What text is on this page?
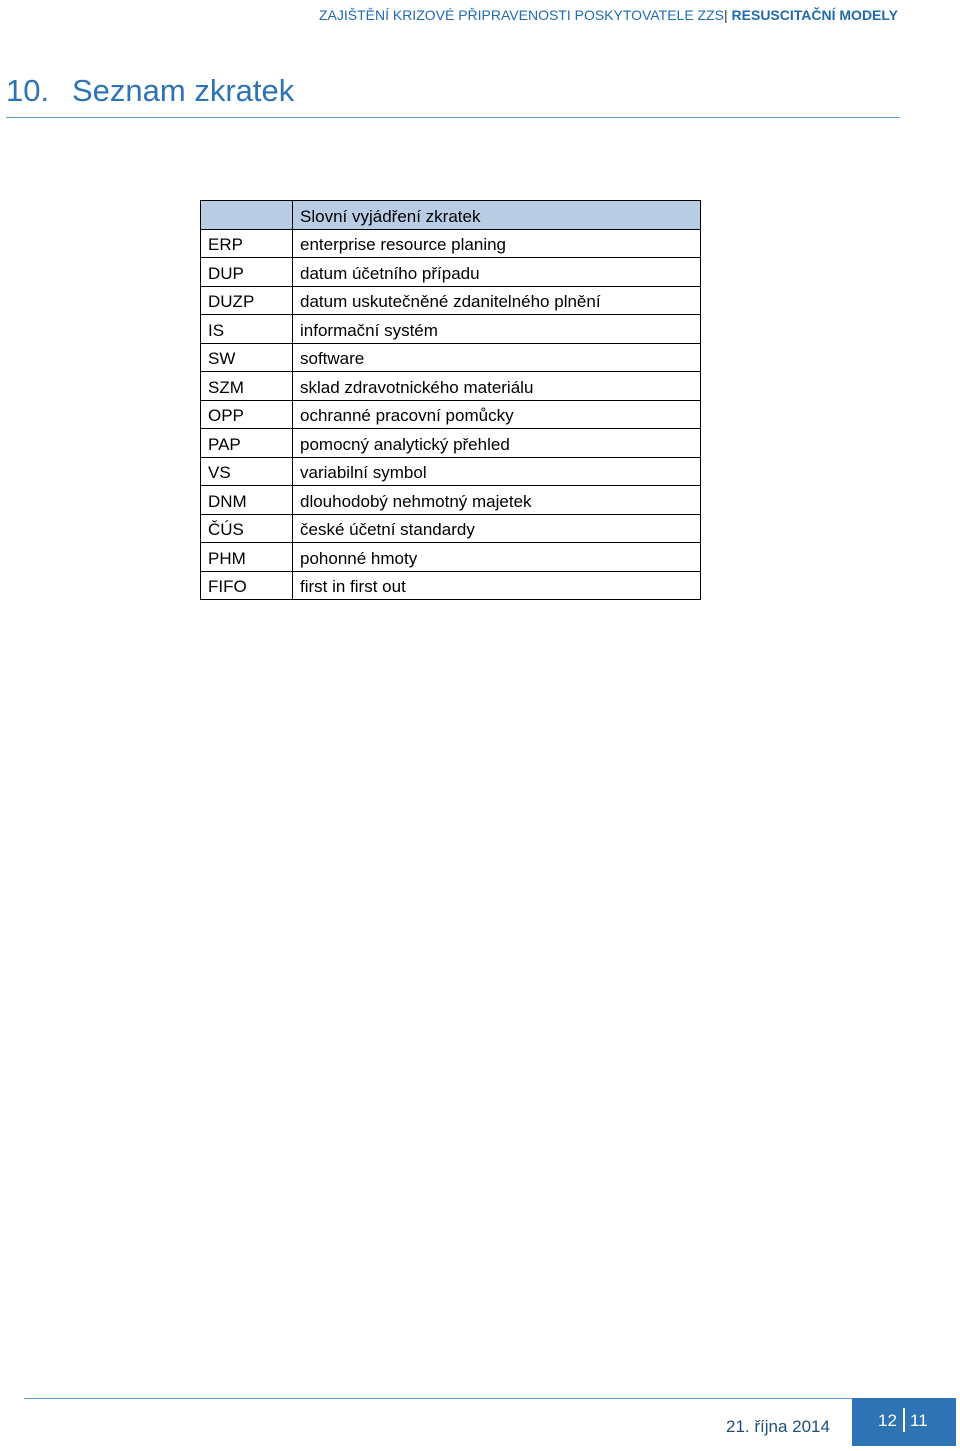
ZAJIŠTĚNÍ KRIZOVÉ PŘIPRAVENOSTI POSKYTOVATELE ZZS| RESUSCITAČNÍ MODELY
10. Seznam zkratek
	Slovní vyjádření zkratek
ERP	enterprise resource planing
DUP	datum účetního případu
DUZP	datum uskutečněné zdanitelného plnění
IS	informační systém
SW	software
SZM	sklad zdravotnického materiálu
OPP	ochranné pracovní pomůcky
PAP	pomocný analytický přehled
VS	variabilní symbol
DNM	dlouhodobý nehmotný majetek
ČÚS	české účetní standardy
PHM	pohonné hmoty
FIFO	first in first out
21. října 2014	12 11
